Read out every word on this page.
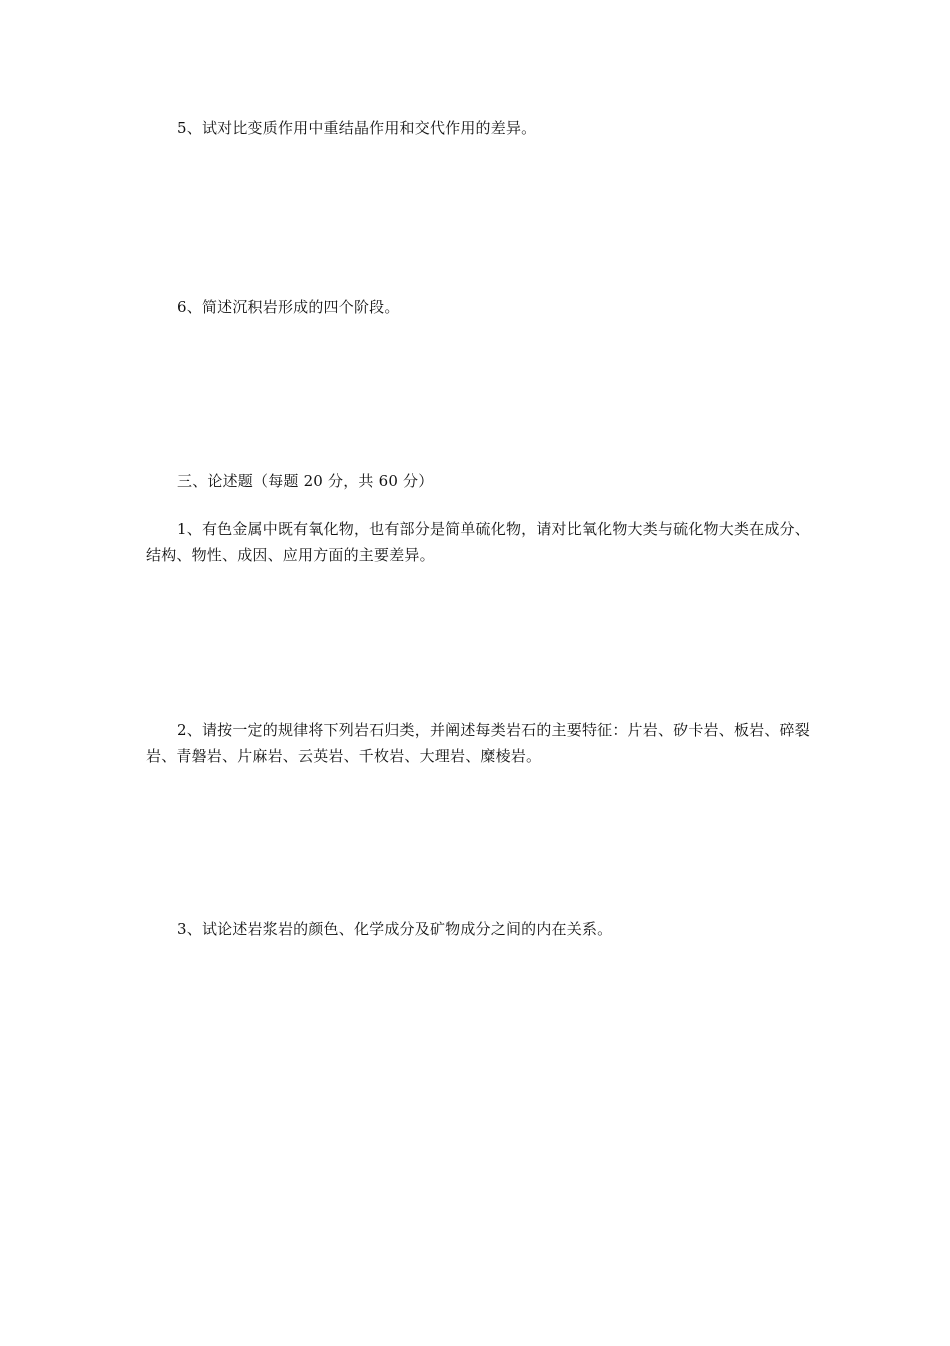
5、试对比变质作用中重结晶作用和交代作用的差异。

6、简述沉积岩形成的四个阶段。

三、论述题（每题 20 分，共 60 分）

1、有色金属中既有氧化物，也有部分是简单硫化物，请对比氧化物大类与硫化物大类在成分、结构、物性、成因、应用方面的主要差异。

2、请按一定的规律将下列岩石归类，并阐述每类岩石的主要特征：片岩、矽卡岩、板岩、碎裂岩、青磐岩、片麻岩、云英岩、千枚岩、大理岩、糜棱岩。

3、试论述岩浆岩的颜色、化学成分及矿物成分之间的内在关系。
